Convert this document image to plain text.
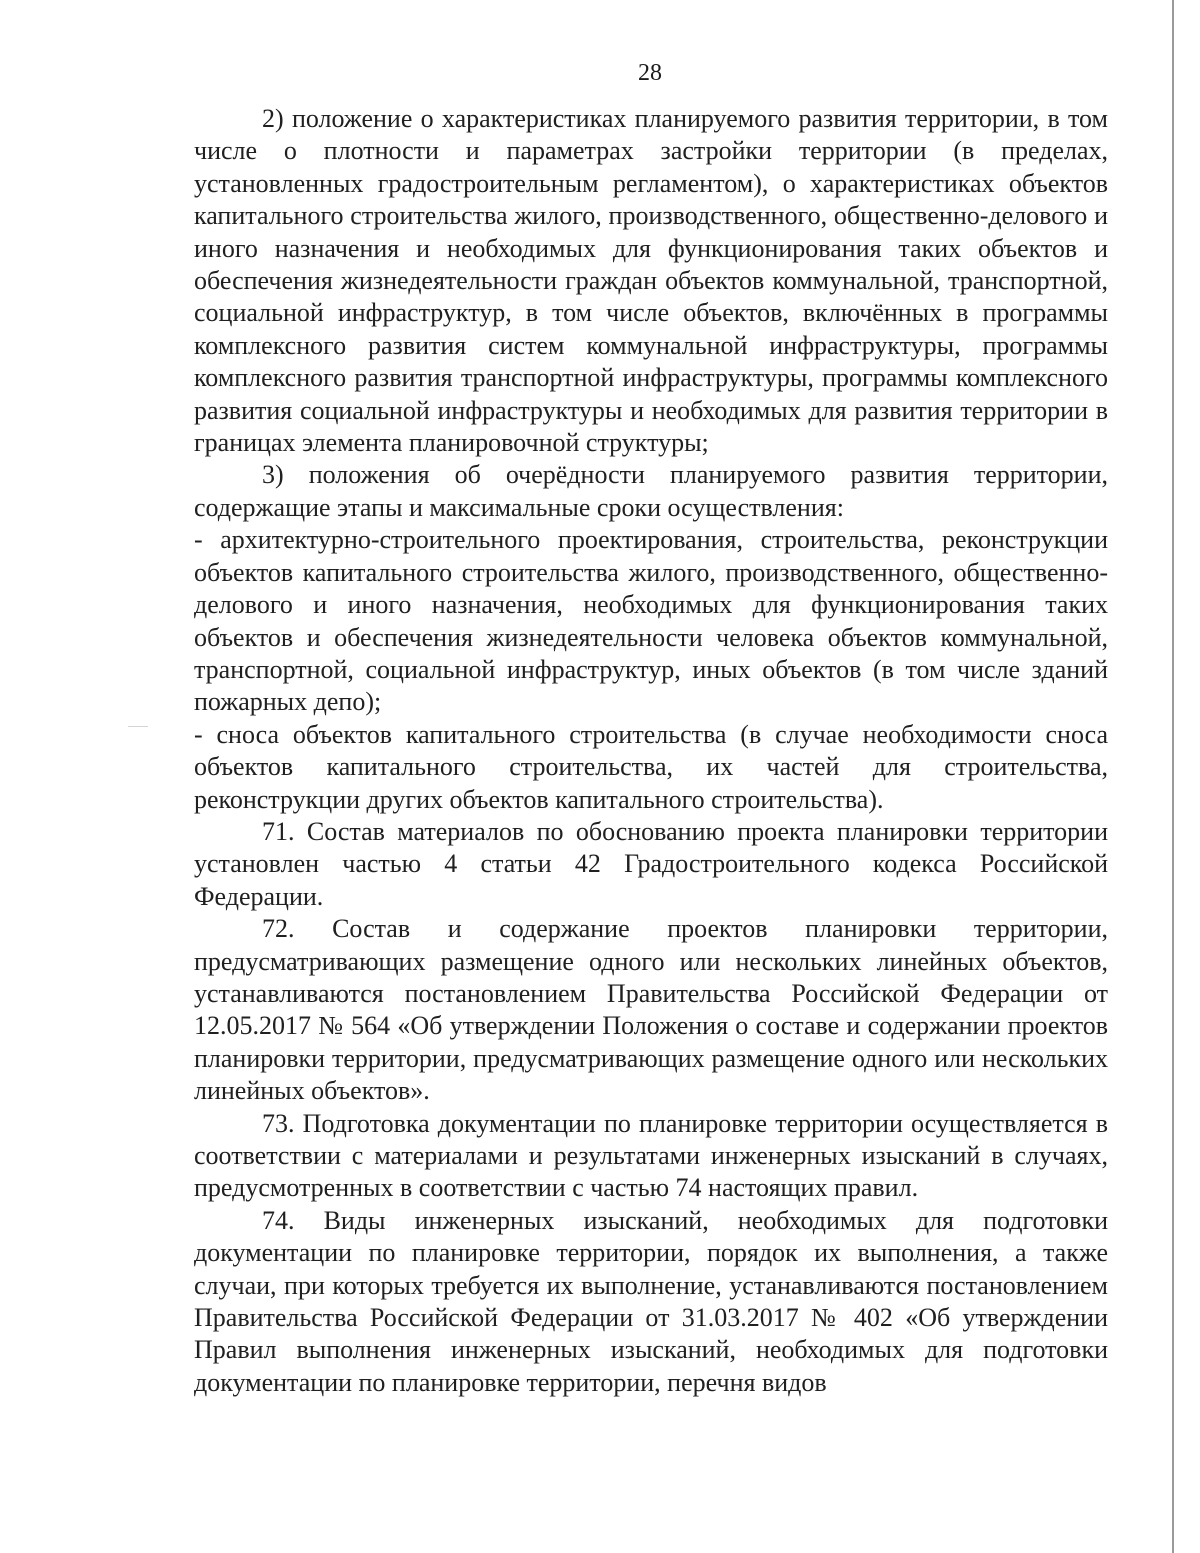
28

2) положение о характеристиках планируемого развития территории, в том числе о плотности и параметрах застройки территории (в пределах, установленных градостроительным регламентом), о характеристиках объектов капитального строительства жилого, производственного, общественно-делового и иного назначения и необходимых для функционирования таких объектов и обеспечения жизнедеятельности граждан объектов коммунальной, транспортной, социальной инфраструктур, в том числе объектов, включённых в программы комплексного развития систем коммунальной инфраструктуры, программы комплексного развития транспортной инфраструктуры, программы комплексного развития социальной инфраструктуры и необходимых для развития территории в границах элемента планировочной структуры;

3) положения об очерёдности планируемого развития территории, содержащие этапы и максимальные сроки осуществления:

- архитектурно-строительного проектирования, строительства, реконструкции объектов капитального строительства жилого, производственного, общественно-делового и иного назначения, необходимых для функционирования таких объектов и обеспечения жизнедеятельности человека объектов коммунальной, транспортной, социальной инфраструктур, иных объектов (в том числе зданий пожарных депо);

- сноса объектов капитального строительства (в случае необходимости сноса объектов капитального строительства, их частей для строительства, реконструкции других объектов капитального строительства).

71. Состав материалов по обоснованию проекта планировки территории установлен частью 4 статьи 42 Градостроительного кодекса Российской Федерации.

72. Состав и содержание проектов планировки территории, предусматривающих размещение одного или нескольких линейных объектов, устанавливаются постановлением Правительства Российской Федерации от 12.05.2017 № 564 «Об утверждении Положения о составе и содержании проектов планировки территории, предусматривающих размещение одного или нескольких линейных объектов».

73. Подготовка документации по планировке территории осуществляется в соответствии с материалами и результатами инженерных изысканий в случаях, предусмотренных в соответствии с частью 74 настоящих правил.

74. Виды инженерных изысканий, необходимых для подготовки документации по планировке территории, порядок их выполнения, а также случаи, при которых требуется их выполнение, устанавливаются постановлением Правительства Российской Федерации от 31.03.2017 № 402 «Об утверждении Правил выполнения инженерных изысканий, необходимых для подготовки документации по планировке территории, перечня видов
